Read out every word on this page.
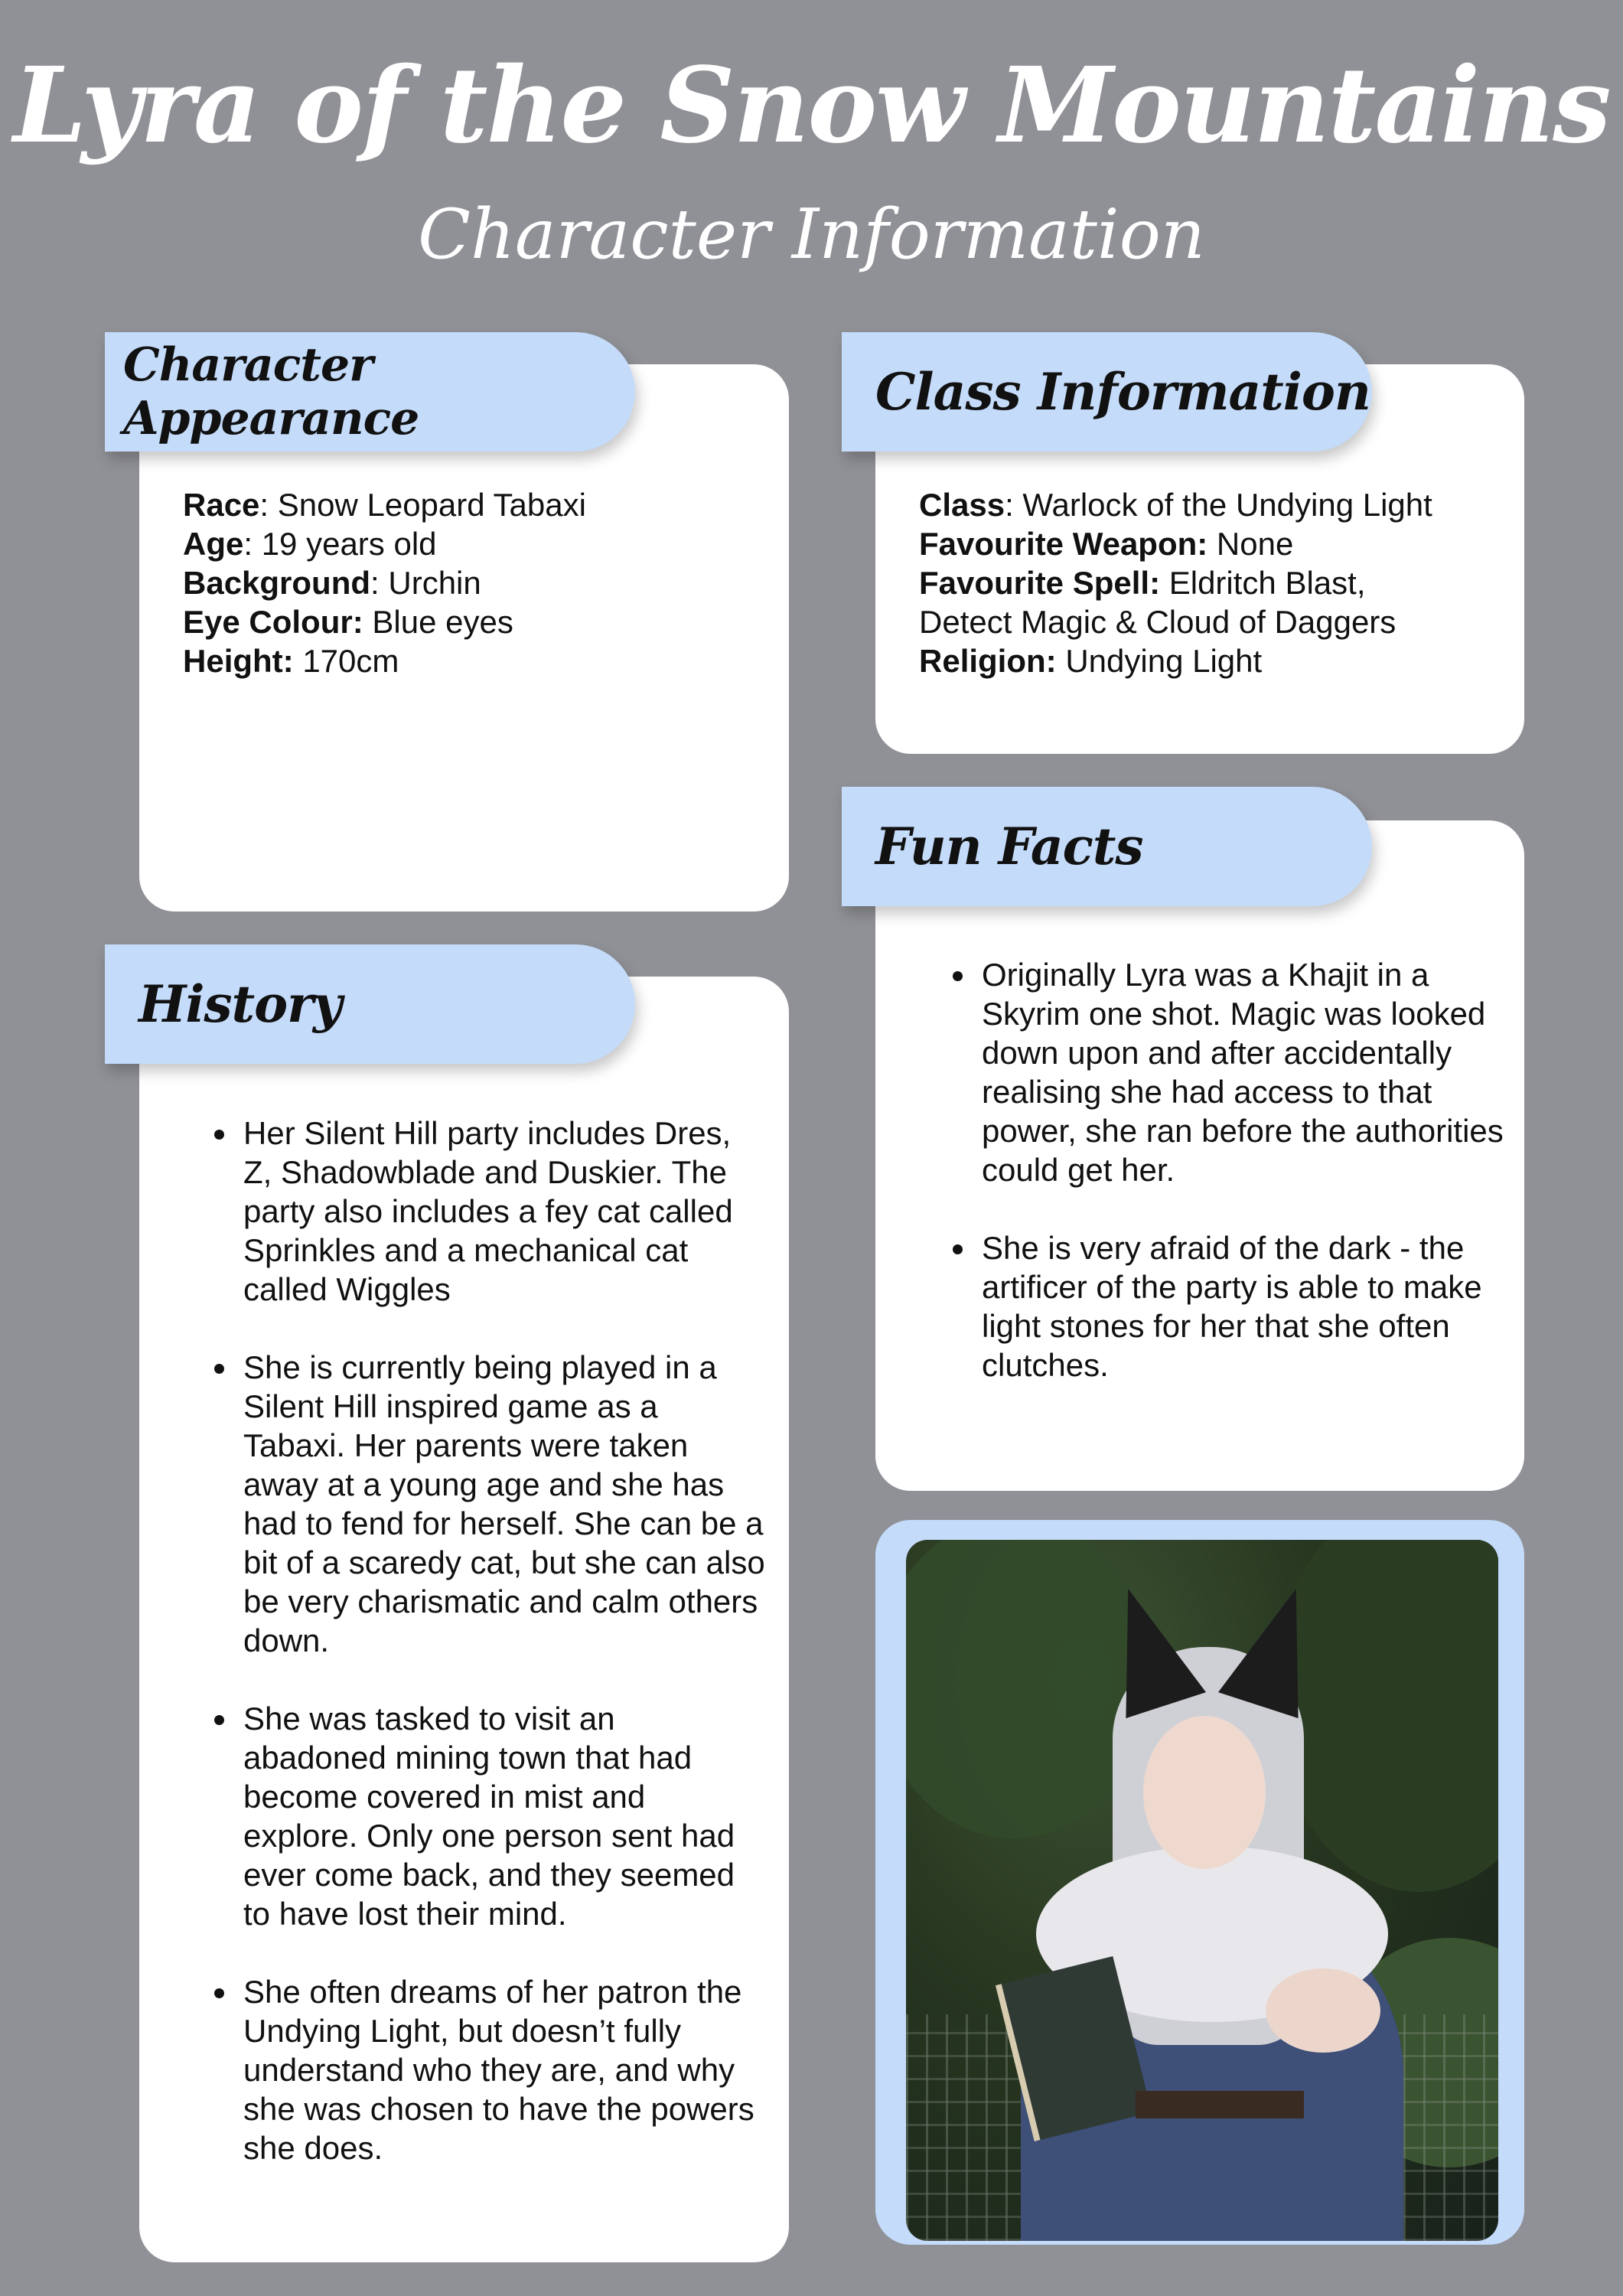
Lyra of the Snow Mountains
Character Information
Character Appearance
Race: Snow Leopard Tabaxi
Age: 19 years old
Background: Urchin
Eye Colour: Blue eyes
Height: 170cm
Class Information
Class: Warlock of the Undying Light
Favourite Weapon: None
Favourite Spell: Eldritch Blast,
Detect Magic & Cloud of Daggers
Religion: Undying Light
Fun Facts
• Originally Lyra was a Khajit in a Skyrim one shot. Magic was looked down upon and after accidentally realising she had access to that power, she ran before the authorities could get her.
• She is very afraid of the dark - the artificer of the party is able to make light stones for her that she often clutches.
History
• Her Silent Hill party includes Dres, Z, Shadowblade and Duskier. The party also includes a fey cat called Sprinkles and a mechanical cat called Wiggles
• She is currently being played in a Silent Hill inspired game as a Tabaxi. Her parents were taken away at a young age and she has had to fend for herself. She can be a bit of a scaredy cat, but she can also be very charismatic and calm others down.
• She was tasked to visit an abadoned mining town that had become covered in mist and explore. Only one person sent had ever come back, and they seemed to have lost their mind.
• She often dreams of her patron the Undying Light, but doesn’t fully understand who they are, and why she was chosen to have the powers she does.
